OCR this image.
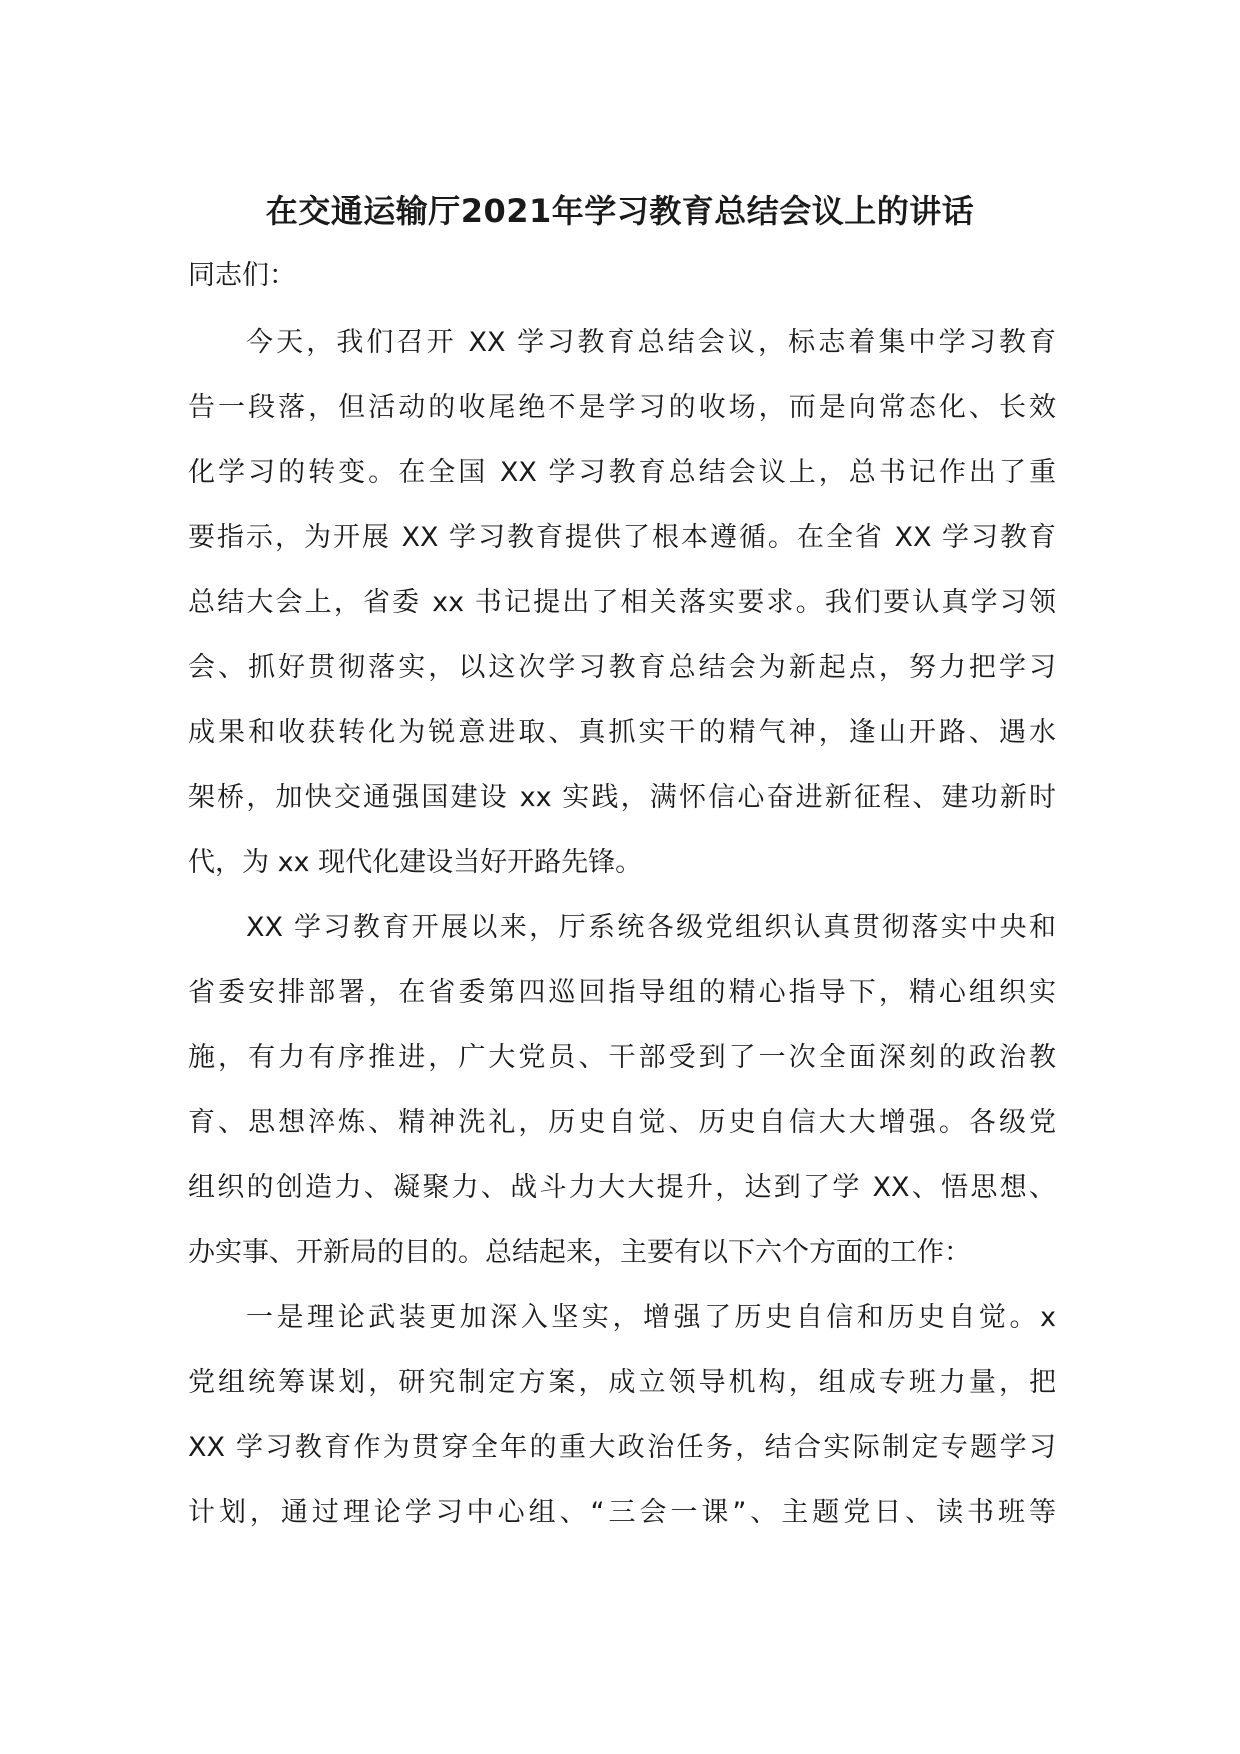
在交通运输厅2021年学习教育总结会议上的讲话
同志们：
今天，我们召开 XX 学习教育总结会议，标志着集中学习教育
告一段落，但活动的收尾绝不是学习的收场，而是向常态化、长效
化学习的转变。在全国 XX 学习教育总结会议上，总书记作出了重
要指示，为开展 XX 学习教育提供了根本遵循。在全省 XX 学习教育
总结大会上，省委 xx 书记提出了相关落实要求。我们要认真学习领
会、抓好贯彻落实，以这次学习教育总结会为新起点，努力把学习
成果和收获转化为锐意进取、真抓实干的精气神，逢山开路、遇水
架桥，加快交通强国建设 xx 实践，满怀信心奋进新征程、建功新时
代，为 xx 现代化建设当好开路先锋。
XX 学习教育开展以来，厅系统各级党组织认真贯彻落实中央和
省委安排部署，在省委第四巡回指导组的精心指导下，精心组织实
施，有力有序推进，广大党员、干部受到了一次全面深刻的政治教
育、思想淬炼、精神洗礼，历史自觉、历史自信大大增强。各级党
组织的创造力、凝聚力、战斗力大大提升，达到了学 XX、悟思想、
办实事、开新局的目的。总结起来，主要有以下六个方面的工作：
一是理论武装更加深入坚实，增强了历史自信和历史自觉。x
党组统筹谋划，研究制定方案，成立领导机构，组成专班力量，把
XX 学习教育作为贯穿全年的重大政治任务，结合实际制定专题学习
计划，通过理论学习中心组、“三会一课”、主题党日、读书班等
